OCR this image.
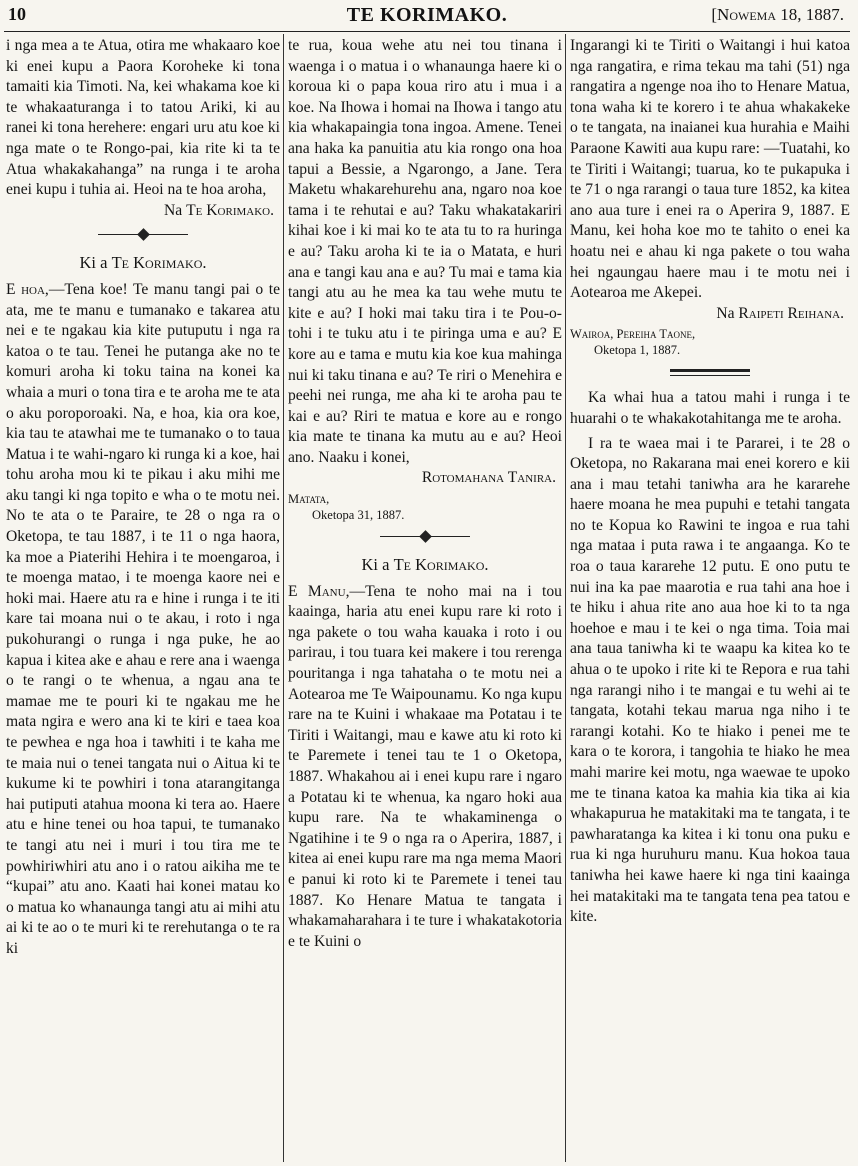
10	TE KORIMAKO.	[Nowema 18, 1887.

i nga mea a te Atua, otira me whakaaro koe ki enei kupu a Paora Koroheke ki tona tamaiti kia Timoti. Na, kei whakama koe ki te whakaaturanga i to tatou Ariki, ki au ranei ki tona herehere: engari uru atu koe ki nga mate o te Rongo-pai, kia rite ki ta te Atua whakakahanga” na runga i te aroha enei kupu i tuhia ai. Heoi na te hoa aroha,

Na Te Korimako.

Ki a Te Korimako.

E hoa,—Tena koe! Te manu tangi pai o te ata, me te manu e tumanako e takarea atu nei e te ngakau kia kite putuputu i nga ra katoa o te tau. Tenei he putanga ake no te komuri aroha ki toku taina na konei ka whaia a muri o tona tira e te aroha me te ata o aku poroporoaki. Na, e hoa, kia ora koe, kia tau te atawhai me te tumanako o to taua Matua i te wahi-ngaro ki runga ki a koe, hai tohu aroha mou ki te pikau i aku mihi me aku tangi ki nga topito e wha o te motu nei. No te ata o te Paraire, te 28 o nga ra o Oketopa, te tau 1887, i te 11 o nga haora, ka moe a Piaterihi Hehira i te moengaroa, i te moenga matao, i te moenga kaore nei e hoki mai. Haere atu ra e hine i runga i te iti kare tai moana nui o te akau, i roto i nga pukohurangi o runga i nga puke, he ao kapua i kitea ake e ahau e rere ana i waenga o te rangi o te whenua, a ngau ana te mamae me te pouri ki te ngakau me he mata ngira e wero ana ki te kiri e taea koa te pewhea e nga hoa i tawhiti i te kaha me te maia nui o tenei tangata nui o Aitua ki te kukume ki te powhiri i tona atarangitanga hai putiputi atahua moona ki tera ao. Haere atu e hine tenei ou hoa tapui, te tumanako te tangi atu nei i muri i tou tira me te powhiriwhiri atu ano i o ratou aikiha me te “kupai” atu ano. Kaati hai konei matau ko o matua ko whanaunga tangi atu ai mihi atu ai ki te ao o te muri ki te rerehutanga o te ra ki

te rua, koua wehe atu nei tou tinana i waenga i o matua i o whanaunga haere ki o koroua ki o papa koua riro atu i mua i a koe. Na Ihowa i homai na Ihowa i tango atu kia whakapaingia tona ingoa. Amene. Tenei ana haka ka panuitia atu kia rongo ona hoa tapui a Bessie, a Ngarongo, a Jane. Tera Maketu whakarehurehu ana, ngaro noa koe tama i te rehutai e au? Taku whakatakariri kihai koe i ki mai ko te ata tu to ra huringa e au? Taku aroha ki te ia o Matata, e huri ana e tangi kau ana e au? Tu mai e tama kia tangi atu au he mea ka tau wehe mutu te kite e au? I hoki mai taku tira i te Pou-o-tohi i te tuku atu i te piringa uma e au? E kore au e tama e mutu kia koe kua mahinga nui ki taku tinana e au? Te riri o Menehira e peehi nei runga, me aha ki te aroha pau te kai e au? Riri te matua e kore au e rongo kia mate te tinana ka mutu au e au? Heoi ano. Naaku i konei,

Rotomahana Tanira.

Matata,

Oketopa 31, 1887.

Ki a Te Korimako.

E Manu,—Tena te noho mai na i tou kaainga, haria atu enei kupu rare ki roto i nga pakete o tou waha kauaka i roto i ou parirau, i tou tuara kei makere i tou rerenga pouritanga i nga tahataha o te motu nei a Aotearoa me Te Waipounamu. Ko nga kupu rare na te Kuini i whakaae ma Potatau i te Tiriti i Waitangi, mau e kawe atu ki roto ki te Paremete i tenei tau te 1 o Oketopa, 1887. Whakahou ai i enei kupu rare i ngaro a Potatau ki te whenua, ka ngaro hoki aua kupu rare. Na te whakaminenga o Ngatihine i te 9 o nga ra o Aperira, 1887, i kitea ai enei kupu rare ma nga mema Maori e panui ki roto ki te Paremete i tenei tau 1887. Ko Henare Matua te tangata i whakamaharahara i te ture i whakatakotoria e te Kuini o

Ingarangi ki te Tiriti o Waitangi i hui katoa nga rangatira, e rima tekau ma tahi (51) nga rangatira a ngenge noa iho to Henare Matua, tona waha ki te korero i te ahua whakakeke o te tangata, na inaianei kua hurahia e Maihi Paraone Kawiti aua kupu rare: —Tuatahi, ko te Tiriti i Waitangi; tuarua, ko te pukapuka i te 71 o nga rarangi o taua ture 1852, ka kitea ano aua ture i enei ra o Aperira 9, 1887. E Manu, kei hoha koe mo te tahito o enei ka hoatu nei e ahau ki nga pakete o tou waha hei ngaungau haere mau i te motu nei i Aotearoa me Akepei.

Na Raipeti Reihana.

Wairoa, Pereiha Taone,

Oketopa 1, 1887.

Ka whai hua a tatou mahi i runga i te huarahi o te whakakotahitanga me te aroha.

I ra te waea mai i te Pararei, i te 28 o Oketopa, no Rakarana mai enei korero e kii ana i mau tetahi taniwha ara he kararehe haere moana he mea pupuhi e tetahi tangata no te Kopua ko Rawini te ingoa e rua tahi nga mataa i puta rawa i te angaanga. Ko te roa o taua kararehe 12 putu. E ono putu te nui ina ka pae maarotia e rua tahi ana hoe i te hiku i ahua rite ano aua hoe ki to ta nga hoehoe e mau i te kei o nga tima. Toia mai ana taua taniwha ki te waapu ka kitea ko te ahua o te upoko i rite ki te Repora e rua tahi nga rarangi niho i te mangai e tu wehi ai te tangata, kotahi tekau marua nga niho i te rarangi kotahi. Ko te hiako i penei me te kara o te korora, i tangohia te hiako he mea mahi marire kei motu, nga waewae te upoko me te tinana katoa ka mahia kia tika ai kia whakapurua he matakitaki ma te tangata, i te pawharatanga ka kitea i ki tonu ona puku e rua ki nga huruhuru manu. Kua hokoa taua taniwha hei kawe haere ki nga tini kaainga hei matakitaki ma te tangata tena pea tatou e kite.
